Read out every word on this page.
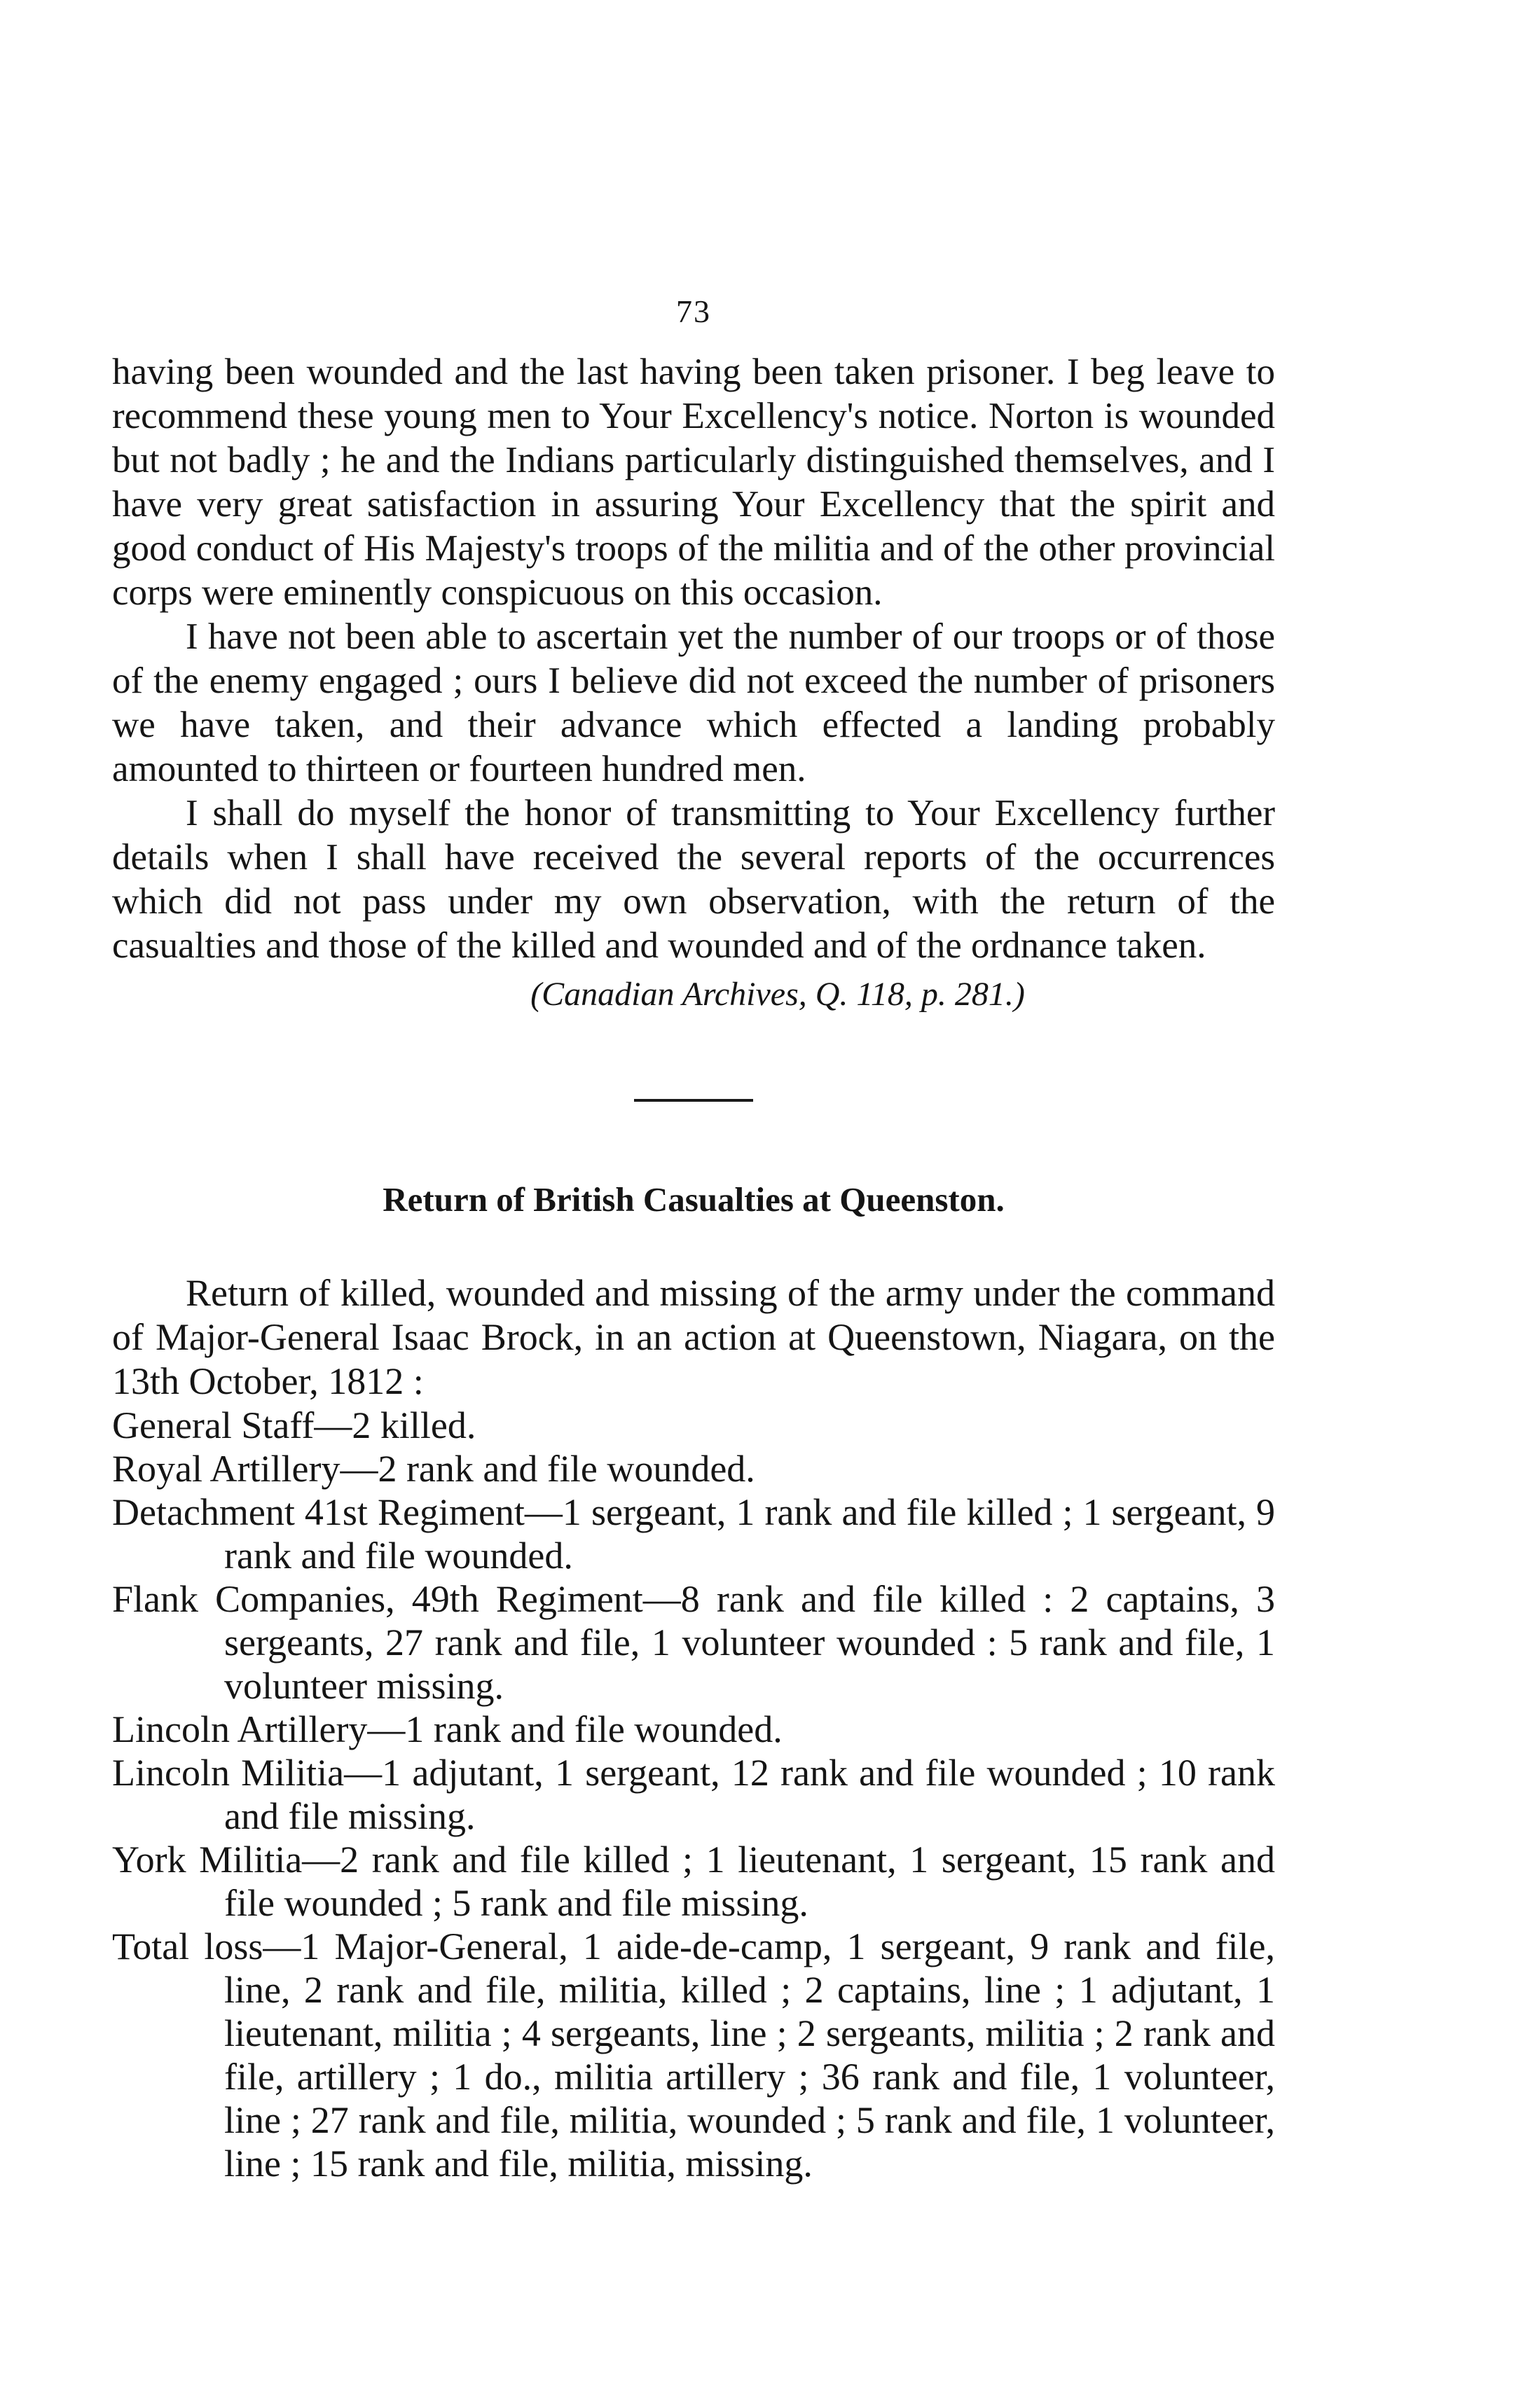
73

having been wounded and the last having been taken prisoner. I beg leave to recommend these young men to Your Excellency's notice. Norton is wounded but not badly ; he and the Indians particularly distinguished themselves, and I have very great satisfaction in assuring Your Excellency that the spirit and good conduct of His Majesty's troops of the militia and of the other provincial corps were eminently conspicuous on this occasion.

I have not been able to ascertain yet the number of our troops or of those of the enemy engaged ; ours I believe did not exceed the number of prisoners we have taken, and their advance which effected a landing probably amounted to thirteen or fourteen hundred men.

I shall do myself the honor of transmitting to Your Excellency further details when I shall have received the several reports of the occurrences which did not pass under my own observation, with the return of the casualties and those of the killed and wounded and of the ordnance taken.

(Canadian Archives, Q. 118, p. 281.)

Return of British Casualties at Queenston.

Return of killed, wounded and missing of the army under the command of Major-General Isaac Brock, in an action at Queenstown, Niagara, on the 13th October, 1812 :

General Staff—2 killed.
Royal Artillery—2 rank and file wounded.
Detachment 41st Regiment—1 sergeant, 1 rank and file killed ; 1 sergeant, 9 rank and file wounded.
Flank Companies, 49th Regiment—8 rank and file killed : 2 captains, 3 sergeants, 27 rank and file, 1 volunteer wounded : 5 rank and file, 1 volunteer missing.
Lincoln Artillery—1 rank and file wounded.
Lincoln Militia—1 adjutant, 1 sergeant, 12 rank and file wounded ; 10 rank and file missing.
York Militia—2 rank and file killed ; 1 lieutenant, 1 sergeant, 15 rank and file wounded ; 5 rank and file missing.
Total loss—1 Major-General, 1 aide-de-camp, 1 sergeant, 9 rank and file, line, 2 rank and file, militia, killed ; 2 captains, line ; 1 adjutant, 1 lieutenant, militia ; 4 sergeants, line ; 2 sergeants, militia ; 2 rank and file, artillery ; 1 do., militia artillery ; 36 rank and file, 1 volunteer, line ; 27 rank and file, militia, wounded ; 5 rank and file, 1 volunteer, line ; 15 rank and file, militia, missing.
